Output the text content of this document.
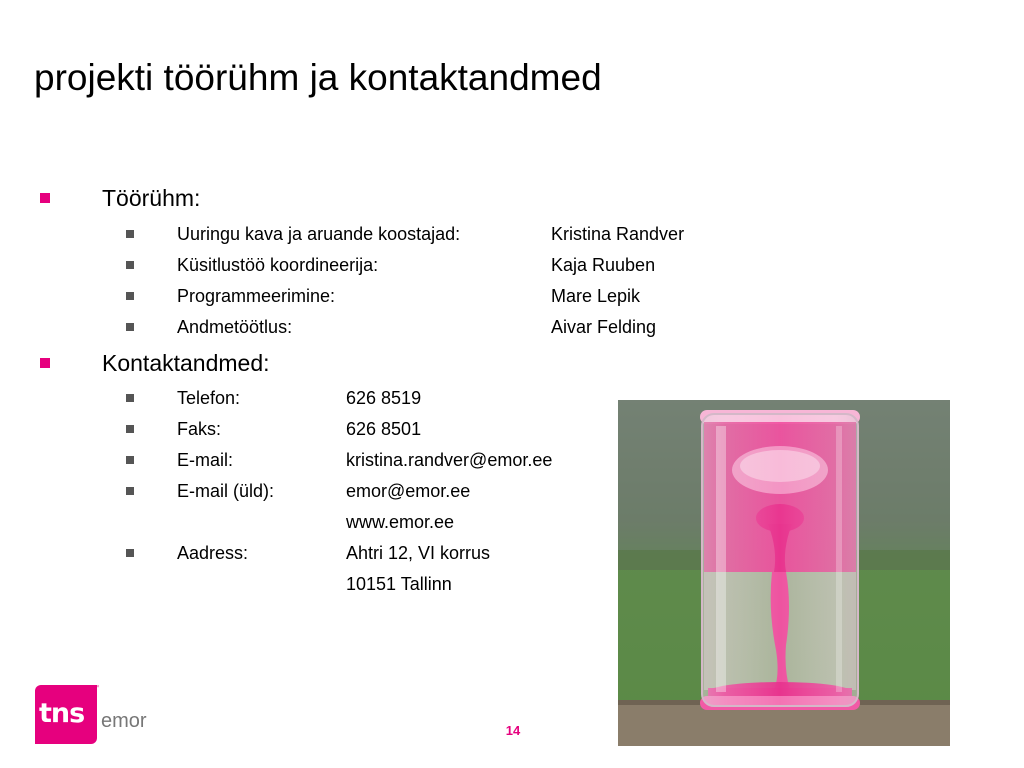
projekti töörühm ja kontaktandmed
Töörühm:
Uuringu kava ja aruande koostajad:	Kristina Randver
Küsitlustöö koordineerija:	Kaja Ruuben
Programmeerimine:	Mare Lepik
Andmetöötlus:	Aivar Felding
Kontaktandmed:
Telefon:	626 8519
Faks:	626 8501
E-mail:	kristina.randver@emor.ee
E-mail (üld):	emor@emor.ee
www.emor.ee
Aadress:	Ahtri 12, VI korrus
10151 Tallinn
14
tns
™
emor
